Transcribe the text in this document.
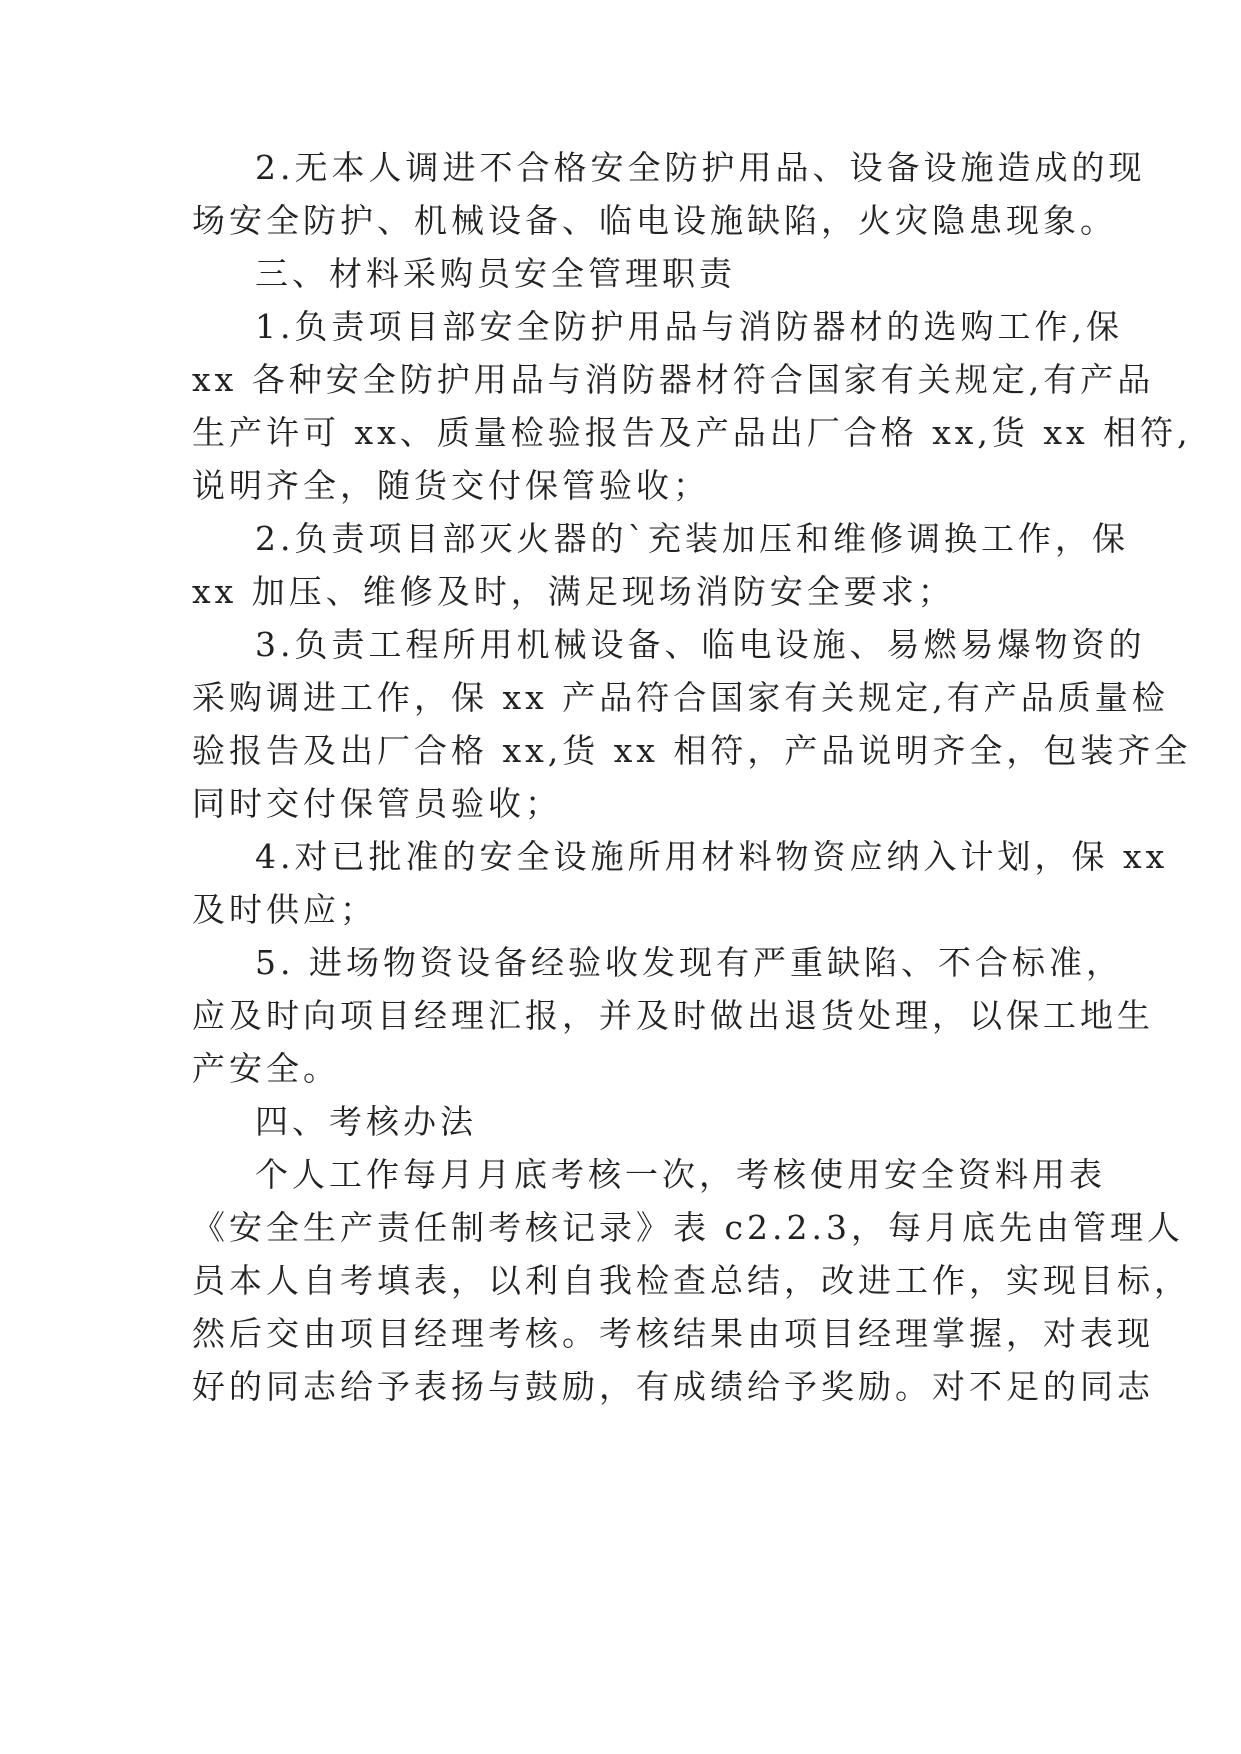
2.无本人调进不合格安全防护用品、设备设施造成的现
场安全防护、机械设备、临电设施缺陷，火灾隐患现象。
三、材料采购员安全管理职责
1.负责项目部安全防护用品与消防器材的选购工作,保
xx 各种安全防护用品与消防器材符合国家有关规定,有产品
生产许可 xx、质量检验报告及产品出厂合格 xx,货 xx 相符,
说明齐全，随货交付保管验收；
2.负责项目部灭火器的`充装加压和维修调换工作，保
xx 加压、维修及时，满足现场消防安全要求；
3.负责工程所用机械设备、临电设施、易燃易爆物资的
采购调进工作，保 xx 产品符合国家有关规定,有产品质量检
验报告及出厂合格 xx,货 xx 相符，产品说明齐全，包装齐全
同时交付保管员验收；
4.对已批准的安全设施所用材料物资应纳入计划，保 xx
及时供应；
5. 进场物资设备经验收发现有严重缺陷、不合标准，
应及时向项目经理汇报，并及时做出退货处理，以保工地生
产安全。
四、考核办法
个人工作每月月底考核一次，考核使用安全资料用表
《安全生产责任制考核记录》表 c2.2.3，每月底先由管理人
员本人自考填表，以利自我检查总结，改进工作，实现目标，
然后交由项目经理考核。考核结果由项目经理掌握，对表现
好的同志给予表扬与鼓励，有成绩给予奖励。对不足的同志
